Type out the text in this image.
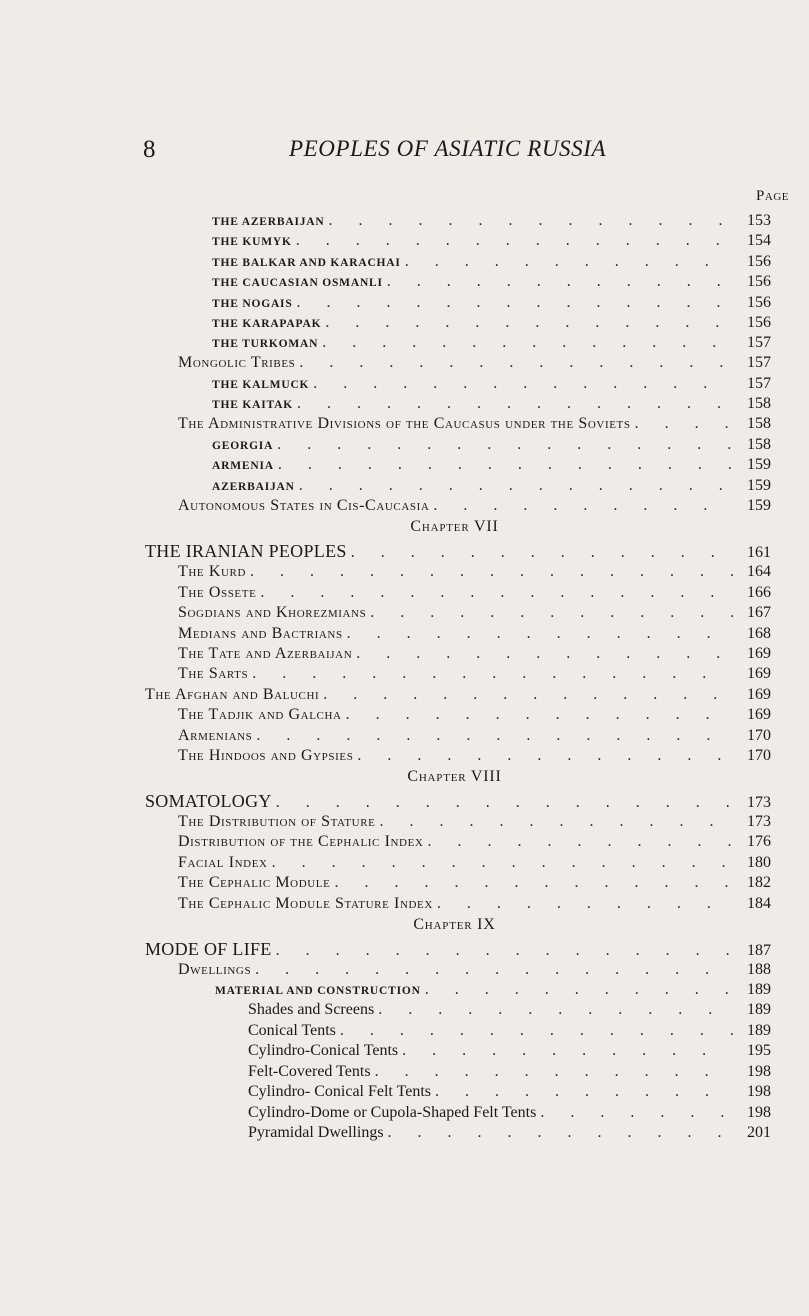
8	PEOPLES OF ASIATIC RUSSIA
Page
THE AZERBAIJAN . . .	153
THE KUMYK . . .	154
THE BALKAR AND KARACHAI . . .	156
THE CAUCASIAN OSMANLI . . .	156
THE NOGAIS . . .	156
THE KARAPAPAK . . .	156
THE TURKOMAN . . .	157
Mongolic Tribes . . .	157
THE KALMUCK . . .	157
THE KAITAK . . .	158
The Administrative Divisions of the Caucasus under the Soviets . . .	158
GEORGIA . . .	158
ARMENIA . . .	159
AZERBAIJAN . . .	159
Autonomous States in Cis-Caucasia . . .	159
Chapter VII
THE IRANIAN PEOPLES . . .	161
The Kurd . . .	164
The Ossete . . .	166
Sogdians and Khorezmians . . .	167
Medians and Bactrians . . .	168
The Tate and Azerbaijan . . .	169
The Sarts . . .	169
The Afghan and Baluchi . . .	169
The Tadjik and Galcha . . .	169
Armenians . . .	170
The Hindoos and Gypsies . . .	170
Chapter VIII
SOMATOLOGY . . .	173
The Distribution of Stature . . .	173
Distribution of the Cephalic Index . . .	176
Facial Index . . .	180
The Cephalic Module . . .	182
The Cephalic Module Stature Index . . .	184
Chapter IX
MODE OF LIFE . . .	187
Dwellings . . .	188
MATERIAL AND CONSTRUCTION . . .	189
Shades and Screens . . .	189
Conical Tents . . .	189
Cylindro-Conical Tents . . .	195
Felt-Covered Tents . . .	198
Cylindro- Conical Felt Tents . . .	198
Cylindro-Dome or Cupola-Shaped Felt Tents . . .	198
Pyramidal Dwellings . . .	201
